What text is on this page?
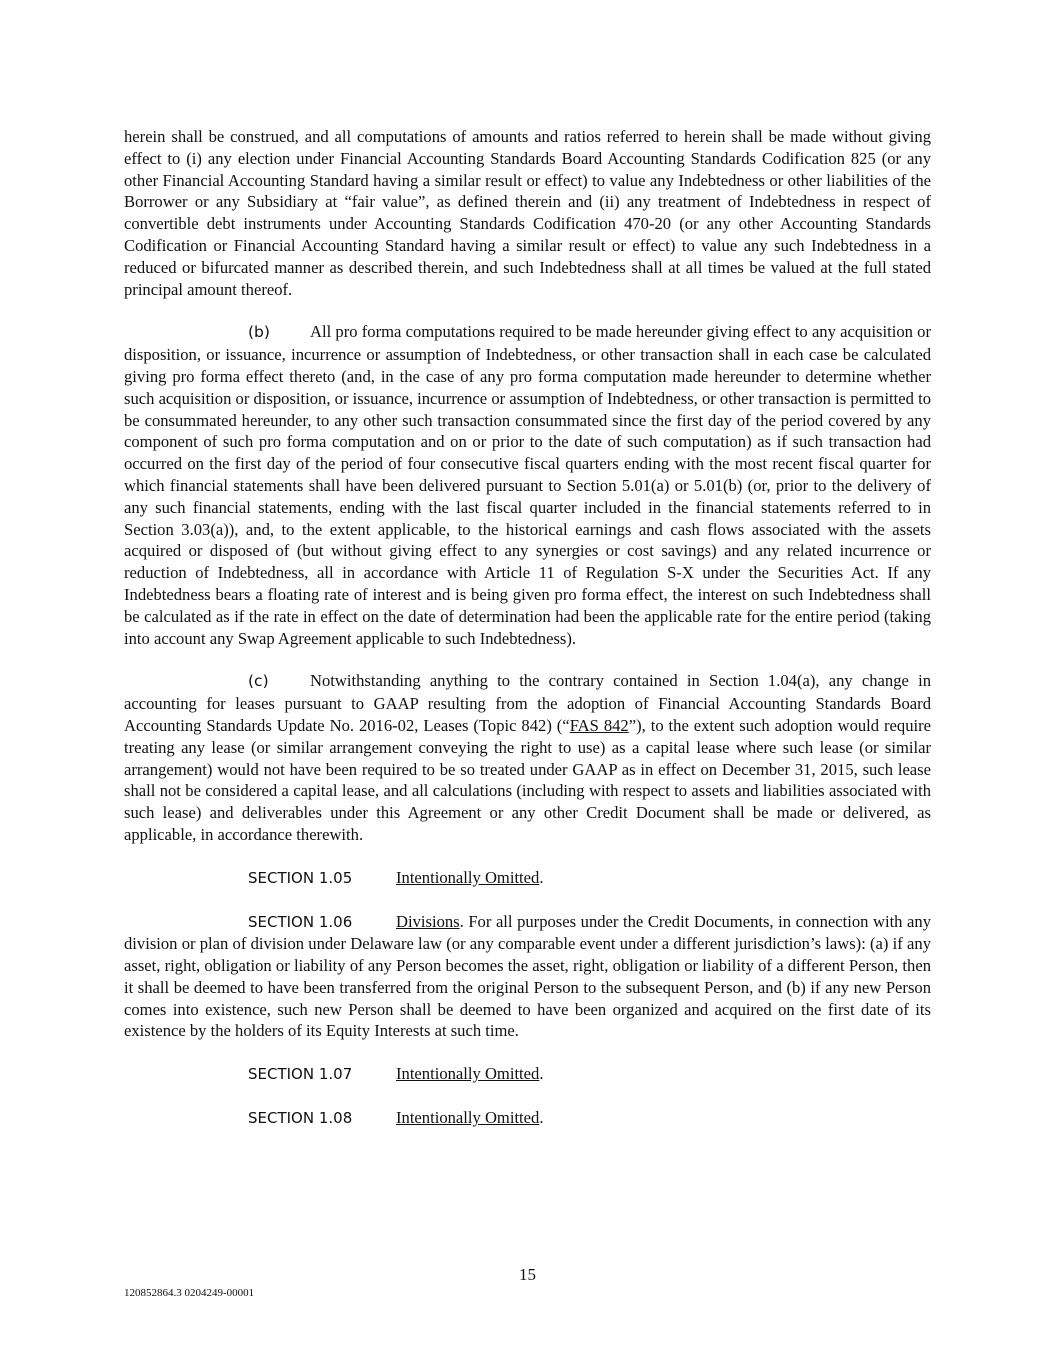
herein shall be construed, and all computations of amounts and ratios referred to herein shall be made without giving effect to (i) any election under Financial Accounting Standards Board Accounting Standards Codification 825 (or any other Financial Accounting Standard having a similar result or effect) to value any Indebtedness or other liabilities of the Borrower or any Subsidiary at “fair value”, as defined therein and (ii) any treatment of Indebtedness in respect of convertible debt instruments under Accounting Standards Codification 470-20 (or any other Accounting Standards Codification or Financial Accounting Standard having a similar result or effect) to value any such Indebtedness in a reduced or bifurcated manner as described therein, and such Indebtedness shall at all times be valued at the full stated principal amount thereof.

(b) All pro forma computations required to be made hereunder giving effect to any acquisition or disposition, or issuance, incurrence or assumption of Indebtedness, or other transaction shall in each case be calculated giving pro forma effect thereto (and, in the case of any pro forma computation made hereunder to determine whether such acquisition or disposition, or issuance, incurrence or assumption of Indebtedness, or other transaction is permitted to be consummated hereunder, to any other such transaction consummated since the first day of the period covered by any component of such pro forma computation and on or prior to the date of such computation) as if such transaction had occurred on the first day of the period of four consecutive fiscal quarters ending with the most recent fiscal quarter for which financial statements shall have been delivered pursuant to Section 5.01(a) or 5.01(b) (or, prior to the delivery of any such financial statements, ending with the last fiscal quarter included in the financial statements referred to in Section 3.03(a)), and, to the extent applicable, to the historical earnings and cash flows associated with the assets acquired or disposed of (but without giving effect to any synergies or cost savings) and any related incurrence or reduction of Indebtedness, all in accordance with Article 11 of Regulation S-X under the Securities Act. If any Indebtedness bears a floating rate of interest and is being given pro forma effect, the interest on such Indebtedness shall be calculated as if the rate in effect on the date of determination had been the applicable rate for the entire period (taking into account any Swap Agreement applicable to such Indebtedness).

(c) Notwithstanding anything to the contrary contained in Section 1.04(a), any change in accounting for leases pursuant to GAAP resulting from the adoption of Financial Accounting Standards Board Accounting Standards Update No. 2016-02, Leases (Topic 842) (“FAS 842”), to the extent such adoption would require treating any lease (or similar arrangement conveying the right to use) as a capital lease where such lease (or similar arrangement) would not have been required to be so treated under GAAP as in effect on December 31, 2015, such lease shall not be considered a capital lease, and all calculations (including with respect to assets and liabilities associated with such lease) and deliverables under this Agreement or any other Credit Document shall be made or delivered, as applicable, in accordance therewith.

SECTION 1.05	Intentionally Omitted.

SECTION 1.06	Divisions. For all purposes under the Credit Documents, in connection with any division or plan of division under Delaware law (or any comparable event under a different jurisdiction’s laws): (a) if any asset, right, obligation or liability of any Person becomes the asset, right, obligation or liability of a different Person, then it shall be deemed to have been transferred from the original Person to the subsequent Person, and (b) if any new Person comes into existence, such new Person shall be deemed to have been organized and acquired on the first date of its existence by the holders of its Equity Interests at such time.

SECTION 1.07	Intentionally Omitted.

SECTION 1.08	Intentionally Omitted.

15
120852864.3 0204249-00001
